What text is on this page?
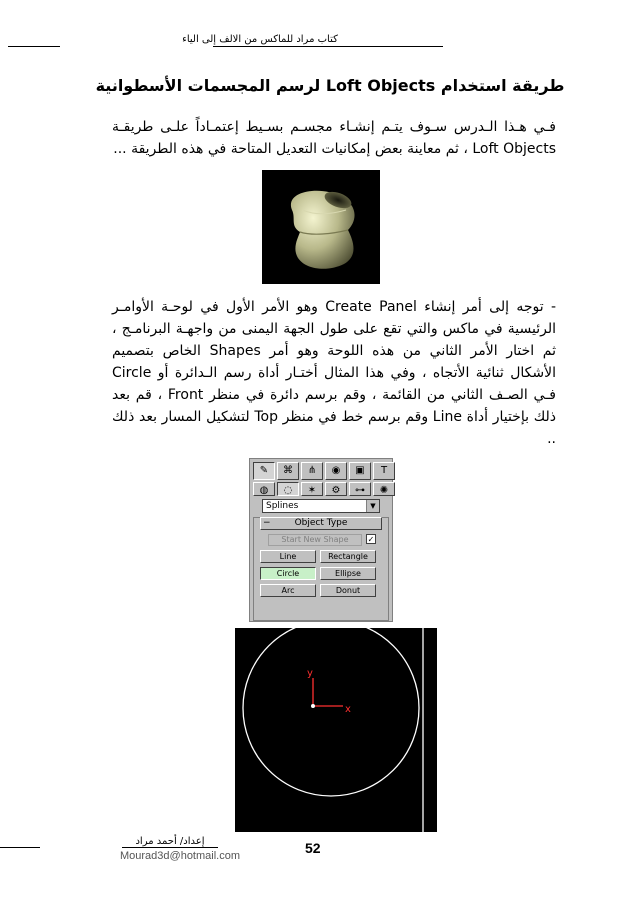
كتاب مراد للماكس من الالف إلى الياء
طريقة استخدام Loft Objects لرسم المجسمات الأسطوانية
فـي هـذا الـدرس سـوف يتـم إنشـاء مجسـم بسـيط إعتمـاداً علـى طريقـة Loft Objects ، ثم معاينة بعض إمكانيات التعديل المتاحة في هذه الطريقة ...
- توجه إلى أمر إنشاء Create Panel وهو الأمر الأول في لوحـة الأوامـر الرئيسية في ماكس والتي تقع على طول الجهة اليمنى من واجهـة البرنامـج ، ثم اختار الأمر الثاني من هذه اللوحة وهو أمر Shapes الخاص بتصميم الأشكال ثنائية الأتجاه ، وفي هذا المثال أختـار أداة رسم الـدائرة أو Circle فـي الصـف الثاني من القائمة ، وقم برسم دائرة في منظر Front ، قم بعد ذلك بإختيار أداة Line وقم برسم خط في منظر Top لتشكيل المسار بعد ذلك ..
✎	⌘	⋔	◉	▣	T
◍	◌	✶	⚙	⊶	✺
Splines	▼
−	Object Type
Start New Shape	✓
Line	Rectangle
Circle	Ellipse
Arc	Donut
x
y
إعداد/ أحمد مراد
Mourad3d@hotmail.com	52
